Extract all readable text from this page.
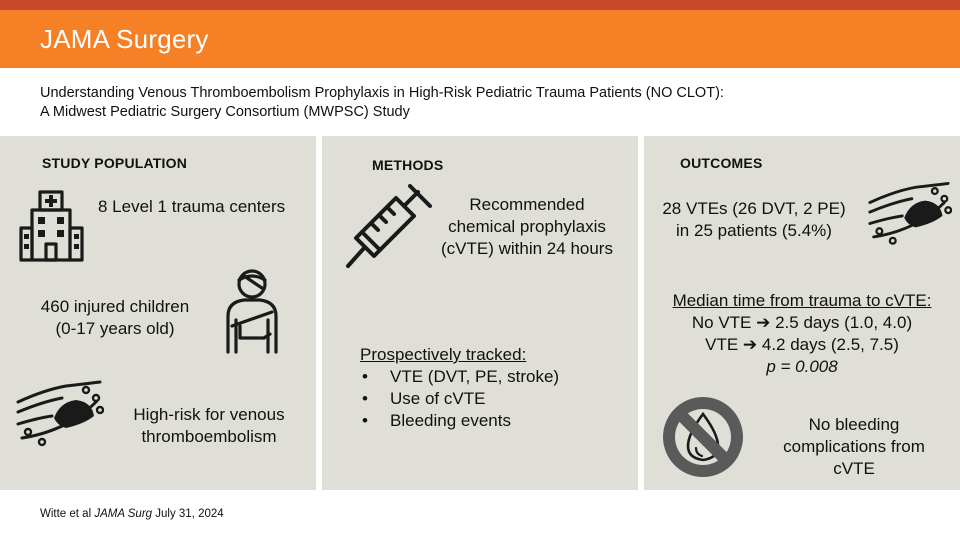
JAMA Surgery
Understanding Venous Thromboembolism Prophylaxis in High-Risk Pediatric Trauma Patients (NO CLOT):
A Midwest Pediatric Surgery Consortium (MWPSC) Study
STUDY POPULATION
8 Level 1 trauma centers
460 injured children
(0-17 years old)
High-risk for venous
thromboembolism
METHODS
Recommended
chemical prophylaxis
(cVTE) within 24 hours
Prospectively tracked:
• VTE (DVT, PE, stroke)
• Use of cVTE
• Bleeding events
OUTCOMES
28 VTEs (26 DVT, 2 PE)
in 25 patients (5.4%)
Median time from trauma to cVTE:
No VTE ➔ 2.5 days (1.0, 4.0)
VTE ➔ 4.2 days (2.5, 7.5)
p = 0.008
No bleeding
complications from
cVTE
Witte et al JAMA Surg July 31, 2024
